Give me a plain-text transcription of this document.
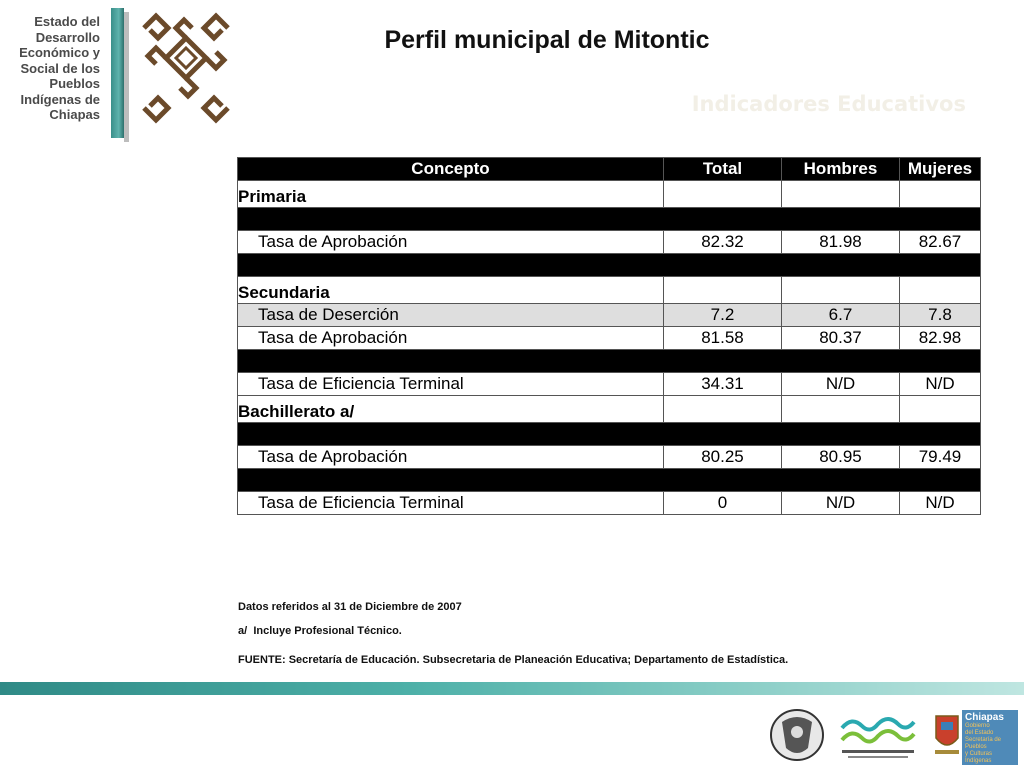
Estado del
Desarrollo
Económico y
Social de los
Pueblos
Indígenas de
Chiapas
Perfil municipal de Mitontic
Indicadores Educativos
Concepto	Total	Hombres	Mujeres
Primaria			

Tasa de Aprobación	82.32	81.98	82.67

Secundaria			
Tasa de Deserción	7.2	6.7	7.8
Tasa de Aprobación	81.58	80.37	82.98

Tasa de Eficiencia Terminal	34.31	N/D	N/D
Bachillerato a/			

Tasa de Aprobación	80.25	80.95	79.49

Tasa de Eficiencia Terminal	0	N/D	N/D
Datos referidos al 31 de Diciembre de 2007
a/ Incluye Profesional Técnico.
FUENTE: Secretaría de Educación. Subsecretaria de Planeación Educativa; Departamento de Estadística.
Chiapas
Gobierno
del Estado
Secretaría de Pueblos
y Culturas Indígenas
